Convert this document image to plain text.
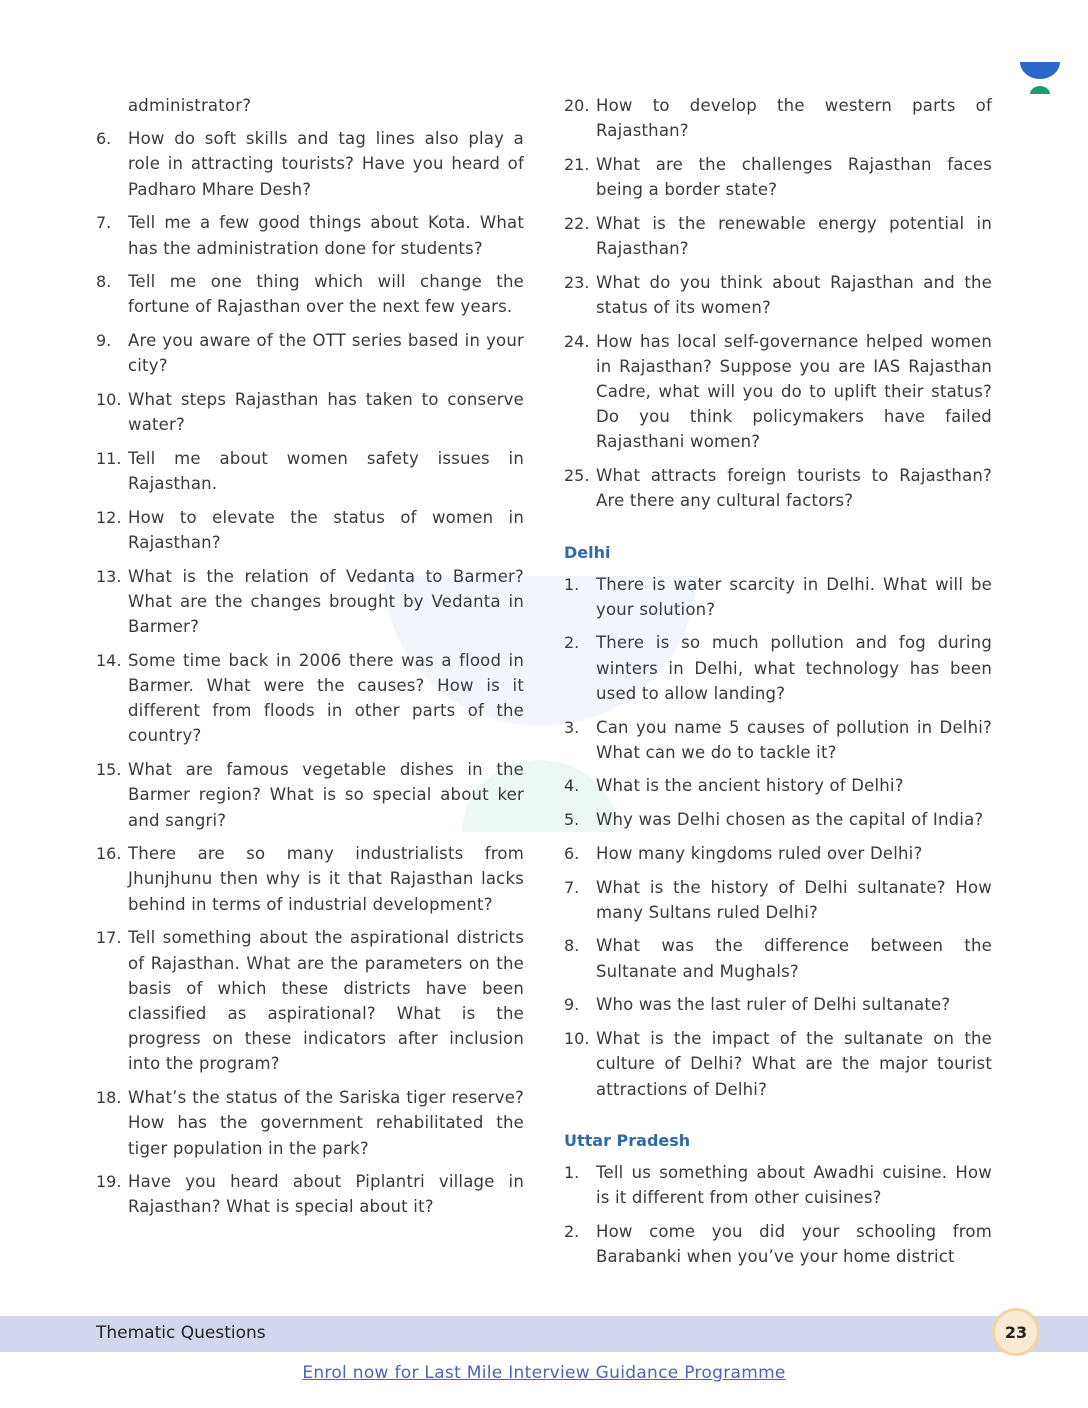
administrator?
6.	How do soft skills and tag lines also play a role in attracting tourists? Have you heard of Padharo Mhare Desh?
7.	Tell me a few good things about Kota. What has the administration done for students?
8.	Tell me one thing which will change the fortune of Rajasthan over the next few years.
9.	Are you aware of the OTT series based in your city?
10. What steps Rajasthan has taken to conserve water?
11. Tell me about women safety issues in Rajasthan.
12. How to elevate the status of women in Rajasthan?
13. What is the relation of Vedanta to Barmer? What are the changes brought by Vedanta in Barmer?
14. Some time back in 2006 there was a flood in Barmer. What were the causes? How is it different from floods in other parts of the country?
15. What are famous vegetable dishes in the Barmer region? What is so special about ker and sangri?
16. There are so many industrialists from Jhunjhunu then why is it that Rajasthan lacks behind in terms of industrial development?
17. Tell something about the aspirational districts of Rajasthan. What are the parameters on the basis of which these districts have been classified as aspirational? What is the progress on these indicators after inclusion into the program?
18. What’s the status of the Sariska tiger reserve? How has the government rehabilitated the tiger population in the park?
19. Have you heard about Piplantri village in Rajasthan? What is special about it?
20. How to develop the western parts of Rajasthan?
21. What are the challenges Rajasthan faces being a border state?
22. What is the renewable energy potential in Rajasthan?
23. What do you think about Rajasthan and the status of its women?
24. How has local self-governance helped women in Rajasthan? Suppose you are IAS Rajasthan Cadre, what will you do to uplift their status? Do you think policymakers have failed Rajasthani women?
25. What attracts foreign tourists to Rajasthan? Are there any cultural factors?
Delhi
1.	There is water scarcity in Delhi. What will be your solution?
2.	There is so much pollution and fog during winters in Delhi, what technology has been used to allow landing?
3.	Can you name 5 causes of pollution in Delhi? What can we do to tackle it?
4.	What is the ancient history of Delhi?
5.	Why was Delhi chosen as the capital of India?
6.	How many kingdoms ruled over Delhi?
7.	What is the history of Delhi sultanate? How many Sultans ruled Delhi?
8.	What was the difference between the Sultanate and Mughals?
9.	Who was the last ruler of Delhi sultanate?
10. What is the impact of the sultanate on the culture of Delhi? What are the major tourist attractions of Delhi?
Uttar Pradesh
1.	Tell us something about Awadhi cuisine. How is it different from other cuisines?
2.	How come you did your schooling from Barabanki when you’ve your home district
Thematic Questions	23
Enrol now for Last Mile Interview Guidance Programme
